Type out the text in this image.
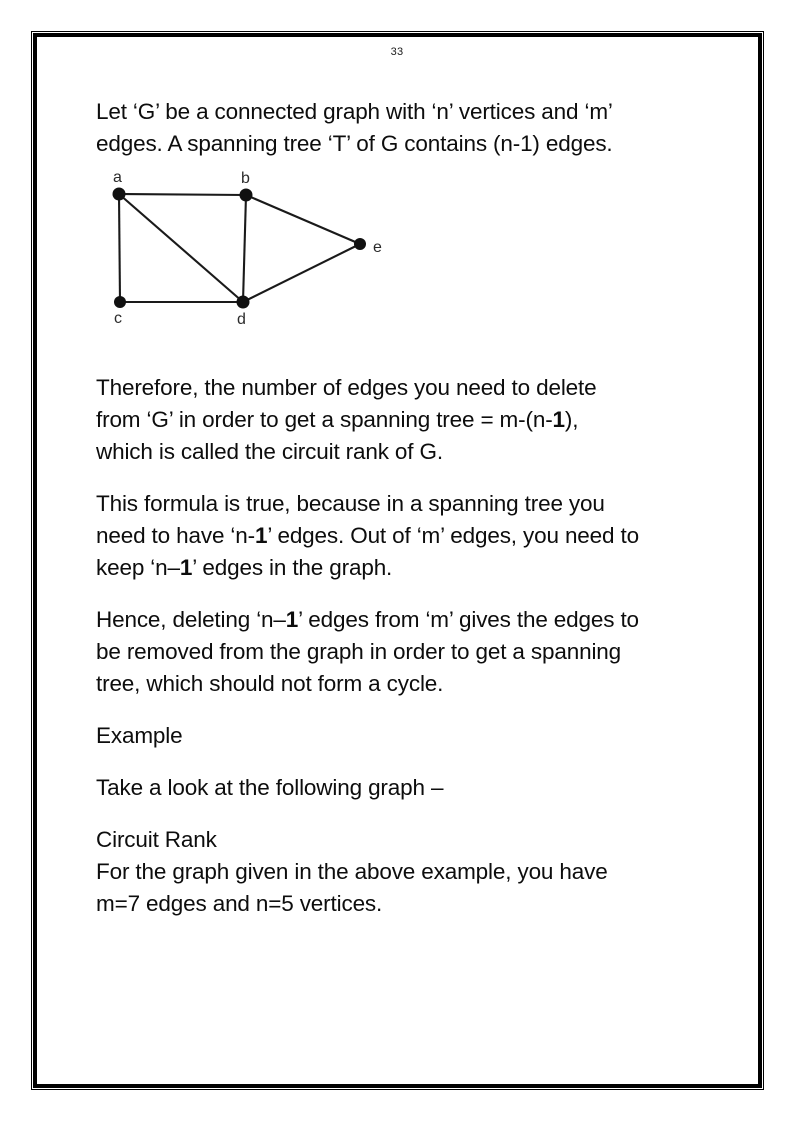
33
Let ‘G’ be a connected graph with ‘n’ vertices and ‘m’
edges. A spanning tree ‘T’ of G contains (n-1) edges.
a	b
c	d
e
Therefore, the number of edges you need to delete
from ‘G’ in order to get a spanning tree = m-(n-1),
which is called the circuit rank of G.
This formula is true, because in a spanning tree you
need to have ‘n-1’ edges. Out of ‘m’ edges, you need to
keep ‘n–1’ edges in the graph.
Hence, deleting ‘n–1’ edges from ‘m’ gives the edges to
be removed from the graph in order to get a spanning
tree, which should not form a cycle.
Example
Take a look at the following graph –
Circuit Rank
For the graph given in the above example, you have
m=7 edges and n=5 vertices.
